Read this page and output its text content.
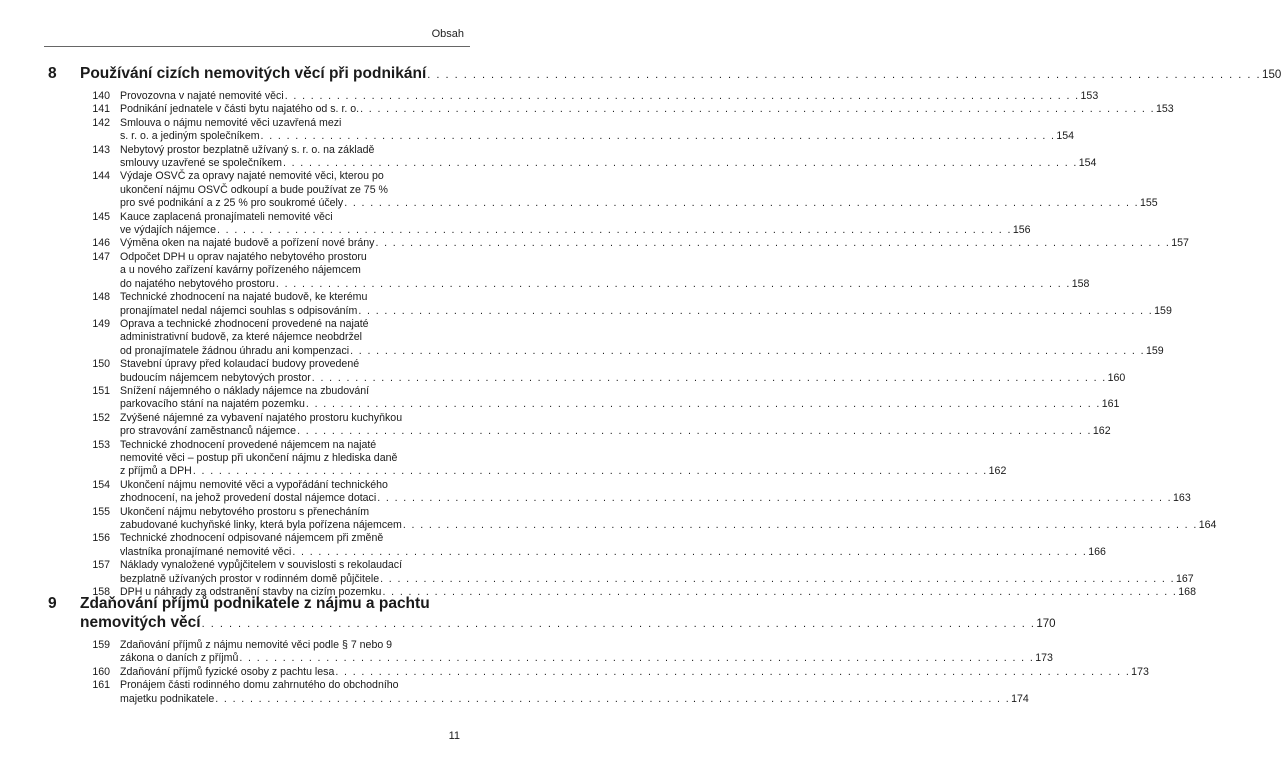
Obsah
8 Používání cizích nemovitých věcí při podnikání . . . . . . . . . . . . . . . . . . . . . . . . . . . . . . . . . . . . . . . . . . . . . . . . . . . . . . . . . . . . . . . . . . . . . . . . . . . . . . . . . . . . . . . . . . . . 150
140 Provozovna v najaté nemovité věci . . . . . . . . . . . . . . . . . . . . . . . . . . . . . . . . . . . . . . . . . . . . . . . . . . . . . . . . . . . . . . . . . . . . . . . . . . . . . . . . . . . . . . . . . . . . 153
141 Podnikání jednatele v části bytu najatého od s. r. o. . . . . . . . . . . . . . . . . . . . . . . . . . . . . . . . . . . . . . . . . . . . . . . . . . . . . . . . . . . . . . . . . . . . . . . . . . . . . . . . . . . . . . . . . . . . . 153
142 Smlouva o nájmu nemovité věci uzavřená mezi
s. r. o. a jediným společníkem . . . . . . . . . . . . . . . . . . . . . . . . . . . . . . . . . . . . . . . . . . . . . . . . . . . . . . . . . . . . . . . . . . . . . . . . . . . . . . . . . . . . . . . . . . . . 154
143 Nebytový prostor bezplatně užívaný s. r. o. na základě
smlouvy uzavřené se společníkem . . . . . . . . . . . . . . . . . . . . . . . . . . . . . . . . . . . . . . . . . . . . . . . . . . . . . . . . . . . . . . . . . . . . . . . . . . . . . . . . . . . . . . . . . . . . 154
144 Výdaje OSVČ za opravy najaté nemovité věci, kterou po
ukončení nájmu OSVČ odkoupí a bude používat ze 75 %
pro své podnikání a z 25 % pro soukromé účely . . . . . . . . . . . . . . . . . . . . . . . . . . . . . . . . . . . . . . . . . . . . . . . . . . . . . . . . . . . . . . . . . . . . . . . . . . . . . . . . . . . . . . . . . . . . 155
145 Kauce zaplacená pronajímateli nemovité věci
ve výdajích nájemce . . . . . . . . . . . . . . . . . . . . . . . . . . . . . . . . . . . . . . . . . . . . . . . . . . . . . . . . . . . . . . . . . . . . . . . . . . . . . . . . . . . . . . . . . . . . 156
146 Výměna oken na najaté budově a pořízení nové brány . . . . . . . . . . . . . . . . . . . . . . . . . . . . . . . . . . . . . . . . . . . . . . . . . . . . . . . . . . . . . . . . . . . . . . . . . . . . . . . . . . . . . . . . . . . . 157
147 Odpočet DPH u oprav najatého nebytového prostoru
a u nového zařízení kavárny pořízeného nájemcem
do najatého nebytového prostoru . . . . . . . . . . . . . . . . . . . . . . . . . . . . . . . . . . . . . . . . . . . . . . . . . . . . . . . . . . . . . . . . . . . . . . . . . . . . . . . . . . . . . . . . . . . . 158
148 Technické zhodnocení na najaté budově, ke kterému
pronajímatel nedal nájemci souhlas s odpisováním . . . . . . . . . . . . . . . . . . . . . . . . . . . . . . . . . . . . . . . . . . . . . . . . . . . . . . . . . . . . . . . . . . . . . . . . . . . . . . . . . . . . . . . . . . . . 159
149 Oprava a technické zhodnocení provedené na najaté
administrativní budově, za které nájemce neobdržel
od pronajímatele žádnou úhradu ani kompenzaci . . . . . . . . . . . . . . . . . . . . . . . . . . . . . . . . . . . . . . . . . . . . . . . . . . . . . . . . . . . . . . . . . . . . . . . . . . . . . . . . . . . . . . . . . . . . 159
150 Stavební úpravy před kolaudací budovy provedené
budoucím nájemcem nebytových prostor . . . . . . . . . . . . . . . . . . . . . . . . . . . . . . . . . . . . . . . . . . . . . . . . . . . . . . . . . . . . . . . . . . . . . . . . . . . . . . . . . . . . . . . . . . . . 160
151 Snížení nájemného o náklady nájemce na zbudování
parkovacího stání na najatém pozemku . . . . . . . . . . . . . . . . . . . . . . . . . . . . . . . . . . . . . . . . . . . . . . . . . . . . . . . . . . . . . . . . . . . . . . . . . . . . . . . . . . . . . . . . . . . . 161
152 Zvýšené nájemné za vybavení najatého prostoru kuchyňkou
pro stravování zaměstnanců nájemce . . . . . . . . . . . . . . . . . . . . . . . . . . . . . . . . . . . . . . . . . . . . . . . . . . . . . . . . . . . . . . . . . . . . . . . . . . . . . . . . . . . . . . . . . . . . 162
153 Technické zhodnocení provedené nájemcem na najaté
nemovité věci – postup při ukončení nájmu z hlediska daně
z příjmů a DPH . . . . . . . . . . . . . . . . . . . . . . . . . . . . . . . . . . . . . . . . . . . . . . . . . . . . . . . . . . . . . . . . . . . . . . . . . . . . . . . . . . . . . . . . . . . . 162
154 Ukončení nájmu nemovité věci a vypořádání technického
zhodnocení, na jehož provedení dostal nájemce dotaci . . . . . . . . . . . . . . . . . . . . . . . . . . . . . . . . . . . . . . . . . . . . . . . . . . . . . . . . . . . . . . . . . . . . . . . . . . . . . . . . . . . . . . . . . . . . 163
155 Ukončení nájmu nebytového prostoru s přenecháním
zabudované kuchyňské linky, která byla pořízena nájemcem . . . . . . . . . . . . . . . . . . . . . . . . . . . . . . . . . . . . . . . . . . . . . . . . . . . . . . . . . . . . . . . . . . . . . . . . . . . . . . . . . . . . . . . . . . . . 164
156 Technické zhodnocení odpisované nájemcem při změně
vlastníka pronajímané nemovité věci . . . . . . . . . . . . . . . . . . . . . . . . . . . . . . . . . . . . . . . . . . . . . . . . . . . . . . . . . . . . . . . . . . . . . . . . . . . . . . . . . . . . . . . . . . . . 166
157 Náklady vynaložené vypůjčitelem v souvislosti s rekolaudací
bezplatně užívaných prostor v rodinném domě půjčitele . . . . . . . . . . . . . . . . . . . . . . . . . . . . . . . . . . . . . . . . . . . . . . . . . . . . . . . . . . . . . . . . . . . . . . . . . . . . . . . . . . . . . . . . . . . . 167
158 DPH u náhrady za odstranění stavby na cizím pozemku . . . . . . . . . . . . . . . . . . . . . . . . . . . . . . . . . . . . . . . . . . . . . . . . . . . . . . . . . . . . . . . . . . . . . . . . . . . . . . . . . . . . . . . . . . . . 168
9 Zdaňování příjmů podnikatele z nájmu a pachtu
nemovitých věcí . . . . . . . . . . . . . . . . . . . . . . . . . . . . . . . . . . . . . . . . . . . . . . . . . . . . . . . . . . . . . . . . . . . . . . . . . . . . . . . . . . . . . . . . . . . . 170
159 Zdaňování příjmů z nájmu nemovité věci podle § 7 nebo 9
zákona o daních z příjmů . . . . . . . . . . . . . . . . . . . . . . . . . . . . . . . . . . . . . . . . . . . . . . . . . . . . . . . . . . . . . . . . . . . . . . . . . . . . . . . . . . . . . . . . . . . . 173
160 Zdaňování příjmů fyzické osoby z pachtu lesa . . . . . . . . . . . . . . . . . . . . . . . . . . . . . . . . . . . . . . . . . . . . . . . . . . . . . . . . . . . . . . . . . . . . . . . . . . . . . . . . . . . . . . . . . . . . 173
161 Pronájem části rodinného domu zahrnutého do obchodního
majetku podnikatele . . . . . . . . . . . . . . . . . . . . . . . . . . . . . . . . . . . . . . . . . . . . . . . . . . . . . . . . . . . . . . . . . . . . . . . . . . . . . . . . . . . . . . . . . . . . 174
11
